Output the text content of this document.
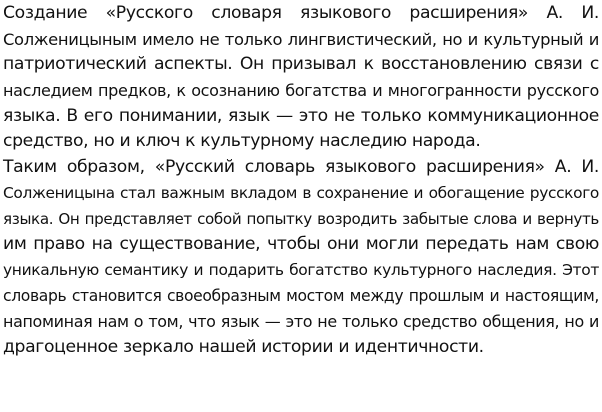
Создание «Русского словаря языкового расширения» А. И.
Солженицыным имело не только лингвистический, но и культурный и
патриотический аспекты. Он призывал к восстановлению связи с
наследием предков, к осознанию богатства и многогранности русского
языка. В его понимании, язык — это не только коммуникационное
средство, но и ключ к культурному наследию народа.
Таким образом, «Русский словарь языкового расширения» А. И.
Солженицына стал важным вкладом в сохранение и обогащение русского
языка. Он представляет собой попытку возродить забытые слова и вернуть
им право на существование, чтобы они могли передать нам свою
уникальную семантику и подарить богатство культурного наследия. Этот
словарь становится своеобразным мостом между прошлым и настоящим,
напоминая нам о том, что язык — это не только средство общения, но и
драгоценное зеркало нашей истории и идентичности.
